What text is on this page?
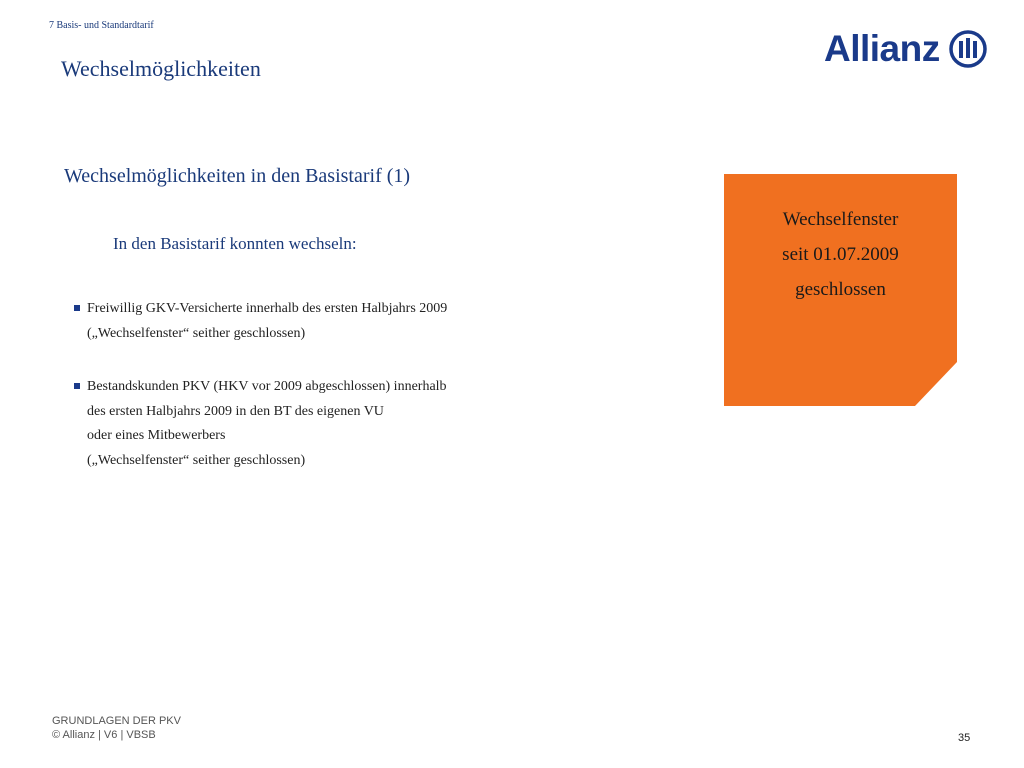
7 Basis- und Standardtarif
Wechselmöglichkeiten	Allianz
Wechselmöglichkeiten in den Basistarif (1)
In den Basistarif konnten wechseln:
Freiwillig GKV-Versicherte innerhalb des ersten Halbjahrs 2009
(„Wechselfenster“ seither geschlossen)
Bestandskunden PKV (HKV vor 2009 abgeschlossen) innerhalb
des ersten Halbjahrs 2009 in den BT des eigenen VU
oder eines Mitbewerbers
(„Wechselfenster“ seither geschlossen)
Wechselfenster
seit 01.07.2009
geschlossen
GRUNDLAGEN DER PKV
© Allianz | V6 | VBSB	35
